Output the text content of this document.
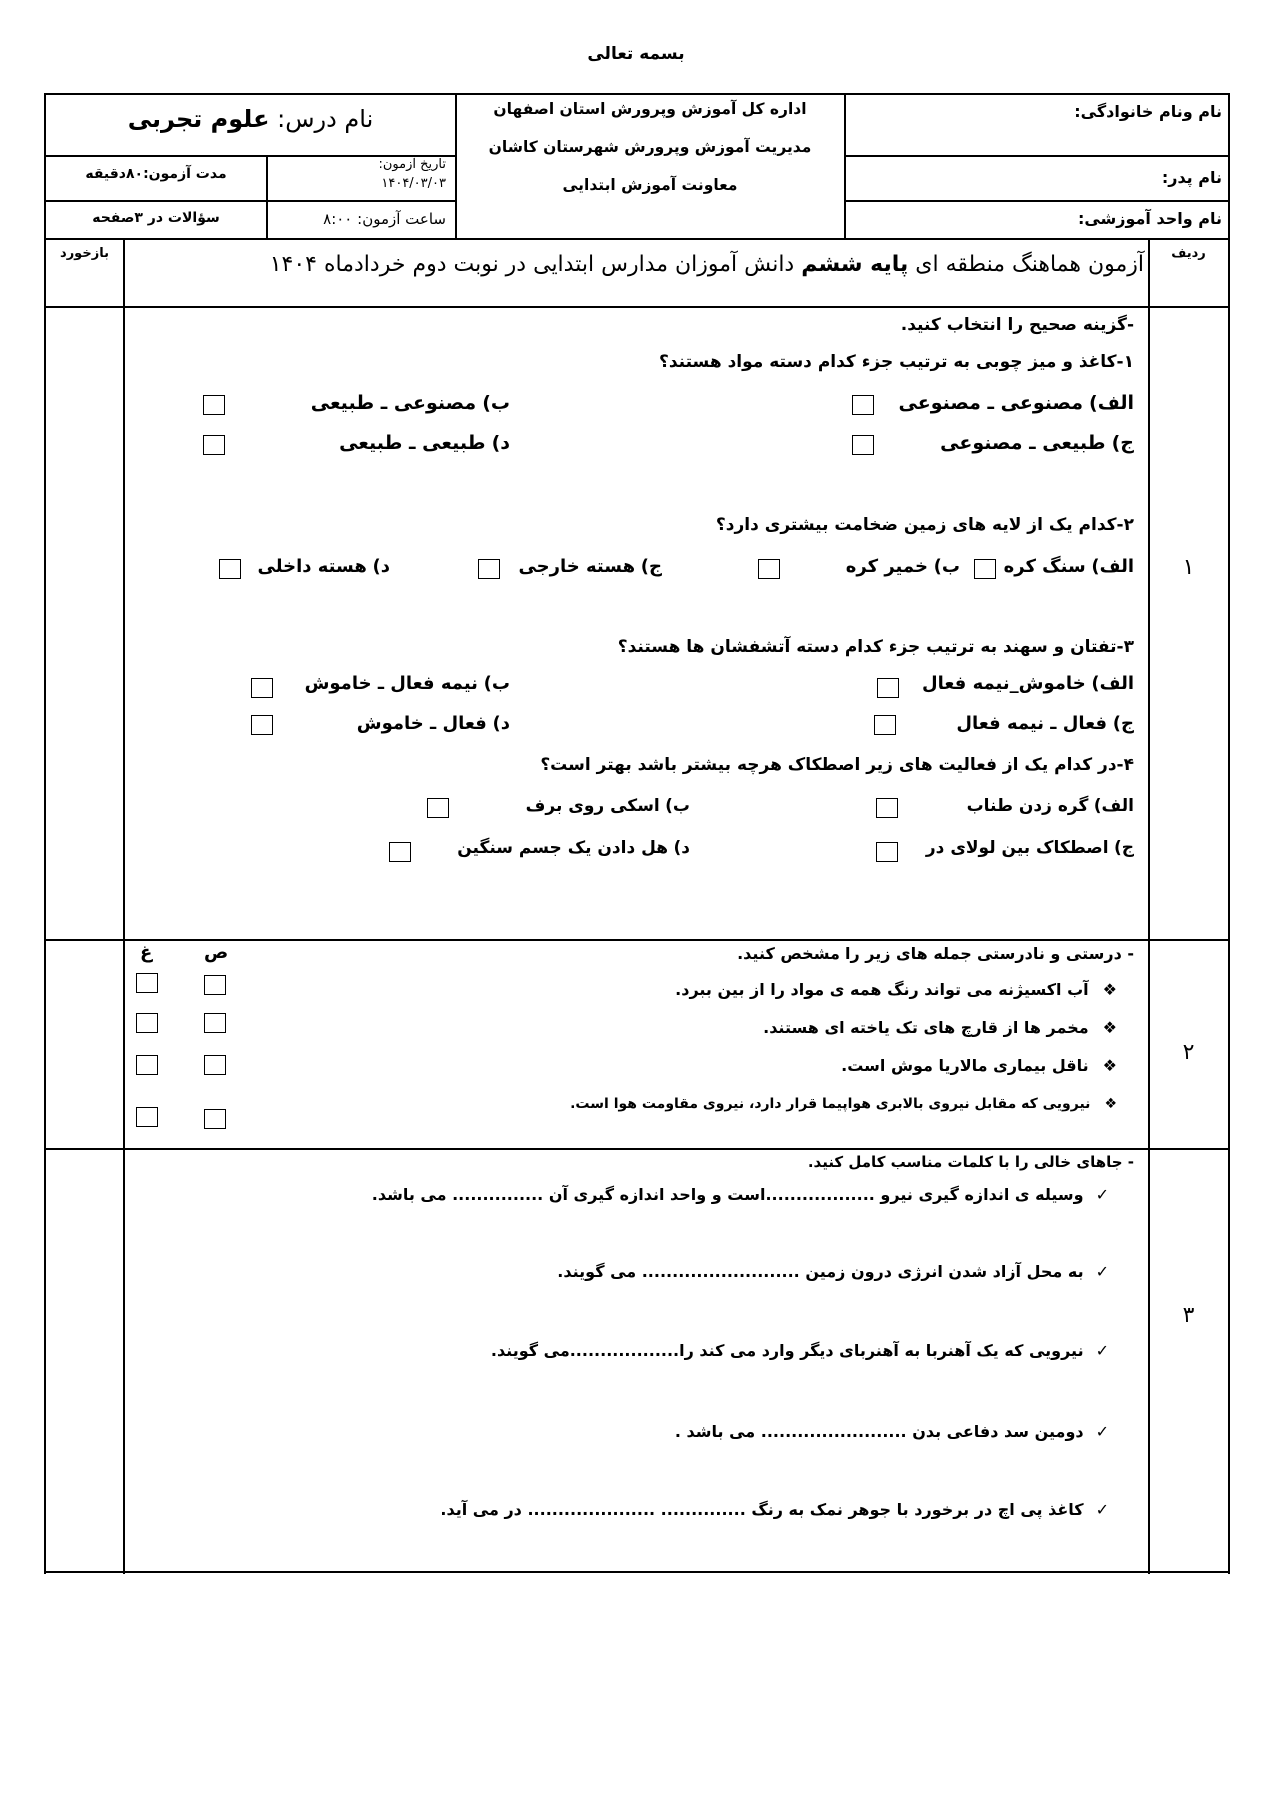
بسمه تعالی
نام ونام خانوادگی:
نام پدر:
نام واحد آموزشی:
اداره کل آموزش وپرورش استان اصفهان
مدیریت آموزش وپرورش شهرستان کاشان
معاونت آموزش ابتدایی
نام درس: علوم تجربی
مدت آزمون:۸۰دقیقه
تاریخ آزمون:
۱۴۰۴/۰۳/۰۳
سؤالات در ۳صفحه	ساعت آزمون: ۸:۰۰
ردیف
بازخورد	آزمون هماهنگ منطقه ای پایه ششم دانش آموزان مدارس ابتدایی در نوبت دوم خردادماه ۱۴۰۴
۱
-گزینه صحیح را انتخاب کنید.
۱-کاغذ و میز چوبی به ترتیب جزء کدام دسته مواد هستند؟
الف) مصنوعی ـ مصنوعی
ب) مصنوعی ـ طبیعی
ج) طبیعی ـ مصنوعی
د) طبیعی ـ طبیعی
۲-کدام یک از لایه های زمین ضخامت بیشتری دارد؟
الف) سنگ کره
ب) خمیر کره
ج) هسته خارجی
د) هسته داخلی
۳-تفتان و سهند به ترتیب جزء کدام دسته آتشفشان ها هستند؟
الف) خاموش_نیمه فعال
ب) نیمه فعال ـ خاموش
ج) فعال ـ نیمه فعال
د) فعال ـ خاموش
۴-در کدام یک از فعالیت های زیر اصطکاک هرچه بیشتر باشد بهتر است؟
الف) گره زدن طناب
ب) اسکی روی برف
ج) اصطکاک بین لولای در
د) هل دادن یک جسم سنگین
۲
- درستی و نادرستی جمله های زیر را مشخص کنید.
ص
غ
❖آب اکسیژنه می تواند رنگ همه ی مواد را از بین ببرد.
❖مخمر ها از قارچ های تک یاخته ای هستند.
❖ناقل بیماری مالاریا موش است.
❖نیرویی که مقابل نیروی بالابری هواپیما قرار دارد، نیروی مقاومت هوا است.
۳
- جاهای خالی را با کلمات مناسب کامل کنید.
✓وسیله ی اندازه گیری نیرو ..................است و واحد اندازه گیری آن ............... می باشد.
✓به محل آزاد شدن انرژی درون زمین .......................... می گویند.
✓نیرویی که یک آهنربا به آهنربای دیگر وارد می کند را..................می گویند.
✓دومین سد دفاعی بدن ........................ می باشد .
✓کاغذ پی اچ در برخورد با جوهر نمک به رنگ .............. ..................... در می آید.
